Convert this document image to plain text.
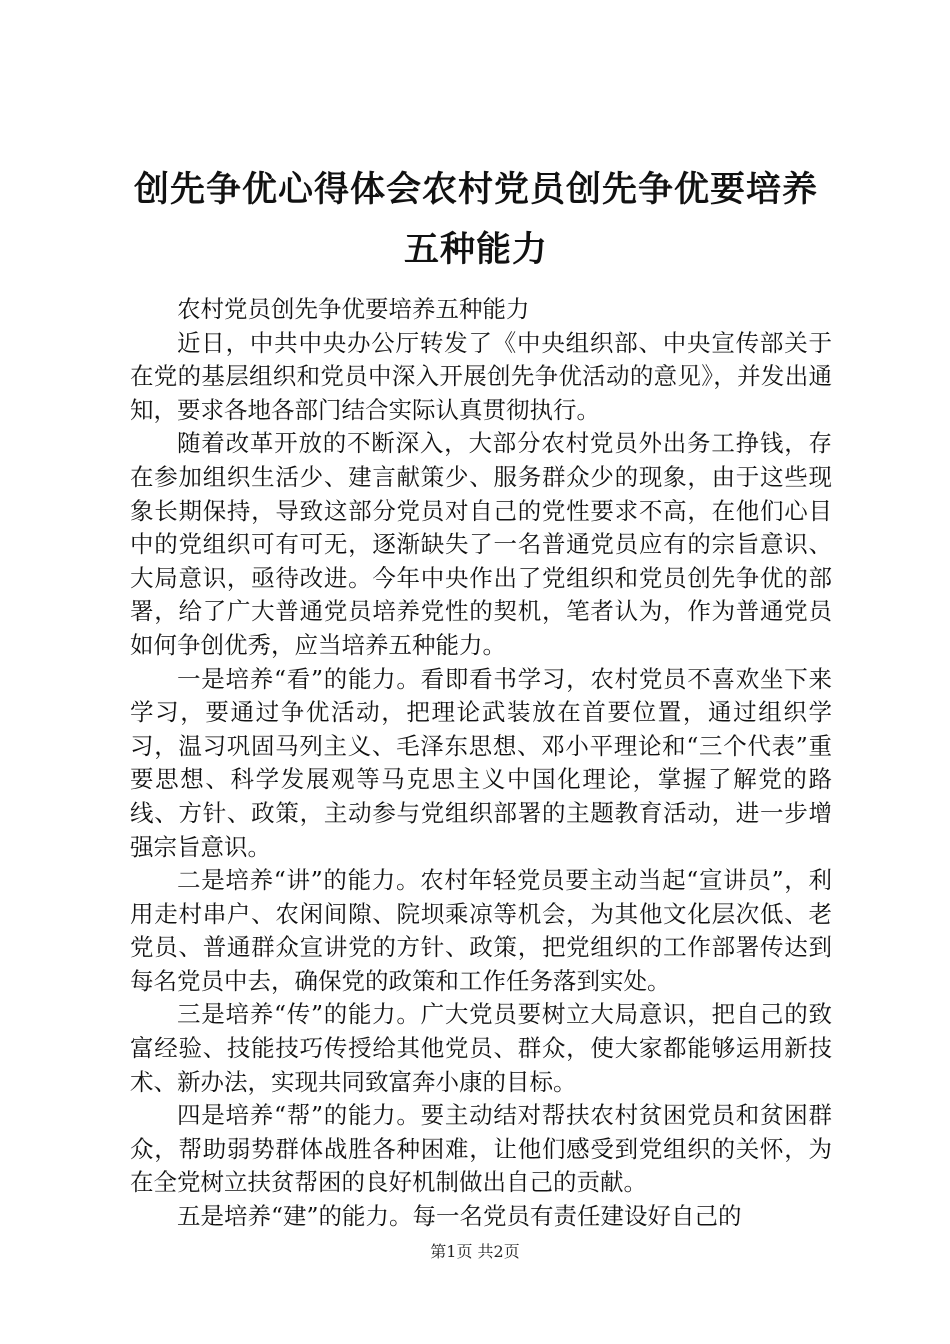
创先争优心得体会农村党员创先争优要培养五种能力

农村党员创先争优要培养五种能力

近日，中共中央办公厅转发了《中央组织部、中央宣传部关于在党的基层组织和党员中深入开展创先争优活动的意见》，并发出通知，要求各地各部门结合实际认真贯彻执行。

随着改革开放的不断深入，大部分农村党员外出务工挣钱，存在参加组织生活少、建言献策少、服务群众少的现象，由于这些现象长期保持，导致这部分党员对自己的党性要求不高，在他们心目中的党组织可有可无，逐渐缺失了一名普通党员应有的宗旨意识、大局意识，亟待改进。今年中央作出了党组织和党员创先争优的部署，给了广大普通党员培养党性的契机，笔者认为，作为普通党员如何争创优秀，应当培养五种能力。

一是培养“看”的能力。看即看书学习，农村党员不喜欢坐下来学习，要通过争优活动，把理论武装放在首要位置，通过组织学习，温习巩固马列主义、毛泽东思想、邓小平理论和“三个代表”重要思想、科学发展观等马克思主义中国化理论，掌握了解党的路线、方针、政策，主动参与党组织部署的主题教育活动，进一步增强宗旨意识。

二是培养“讲”的能力。农村年轻党员要主动当起“宣讲员”，利用走村串户、农闲间隙、院坝乘凉等机会，为其他文化层次低、老党员、普通群众宣讲党的方针、政策，把党组织的工作部署传达到每名党员中去，确保党的政策和工作任务落到实处。

三是培养“传”的能力。广大党员要树立大局意识，把自己的致富经验、技能技巧传授给其他党员、群众，使大家都能够运用新技术、新办法，实现共同致富奔小康的目标。

四是培养“帮”的能力。要主动结对帮扶农村贫困党员和贫困群众，帮助弱势群体战胜各种困难，让他们感受到党组织的关怀，为在全党树立扶贫帮困的良好机制做出自己的贡献。

五是培养“建”的能力。每一名党员有责任建设好自己的

第1页 共2页
